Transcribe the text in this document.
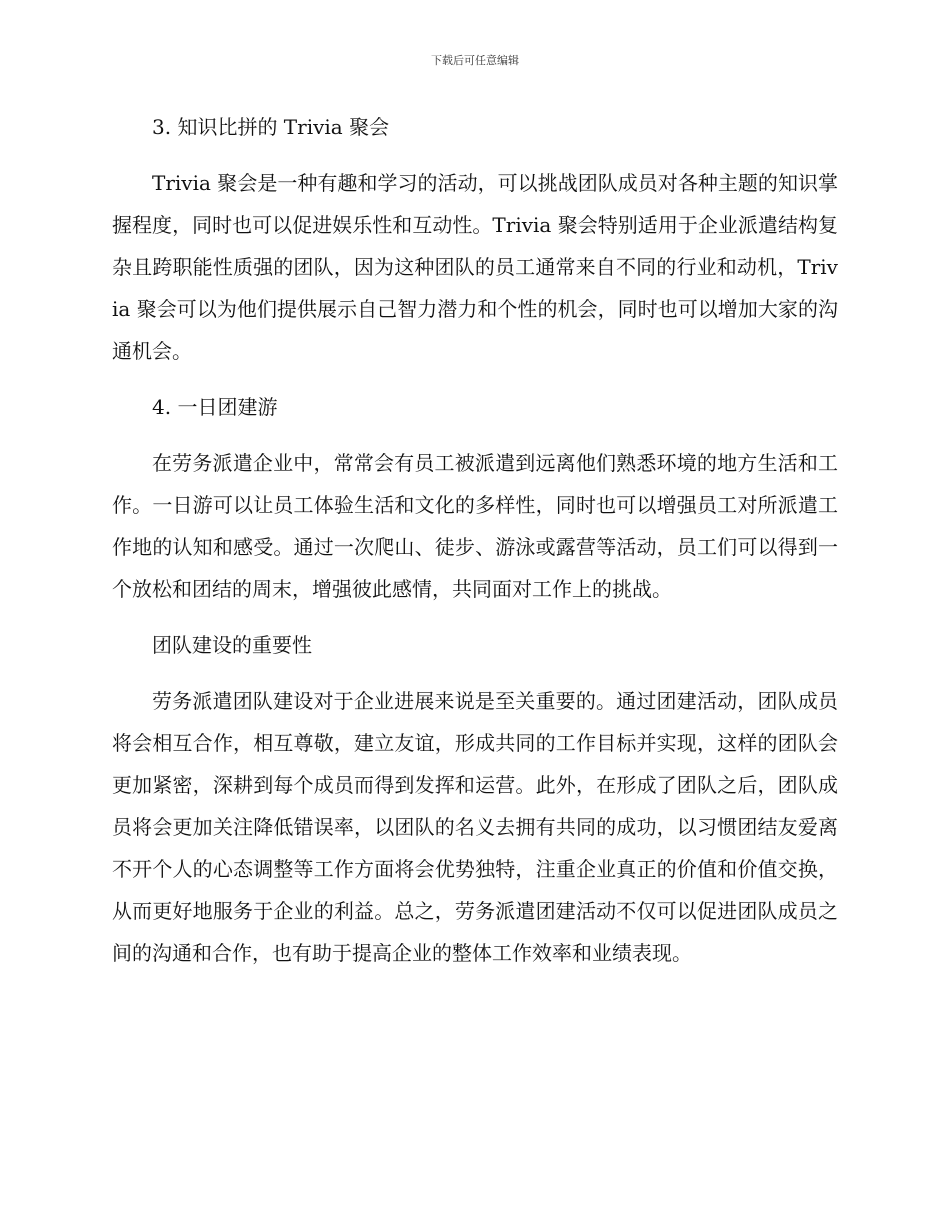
下载后可任意编辑
3. 知识比拼的 Trivia 聚会

Trivia 聚会是一种有趣和学习的活动，可以挑战团队成员对各种主题的知识掌握程度，同时也可以促进娱乐性和互动性。Trivia 聚会特别适用于企业派遣结构复杂且跨职能性质强的团队，因为这种团队的员工通常来自不同的行业和动机，Trivia 聚会可以为他们提供展示自己智力潜力和个性的机会，同时也可以增加大家的沟通机会。

4. 一日团建游

在劳务派遣企业中，常常会有员工被派遣到远离他们熟悉环境的地方生活和工作。一日游可以让员工体验生活和文化的多样性，同时也可以增强员工对所派遣工作地的认知和感受。通过一次爬山、徒步、游泳或露营等活动，员工们可以得到一个放松和团结的周末，增强彼此感情，共同面对工作上的挑战。

团队建设的重要性

劳务派遣团队建设对于企业进展来说是至关重要的。通过团建活动，团队成员将会相互合作，相互尊敬，建立友谊，形成共同的工作目标并实现，这样的团队会更加紧密，深耕到每个成员而得到发挥和运营。此外，在形成了团队之后，团队成员将会更加关注降低错误率，以团队的名义去拥有共同的成功，以习惯团结友爱离不开个人的心态调整等工作方面将会优势独特，注重企业真正的价值和价值交换，从而更好地服务于企业的利益。总之，劳务派遣团建活动不仅可以促进团队成员之间的沟通和合作，也有助于提高企业的整体工作效率和业绩表现。
